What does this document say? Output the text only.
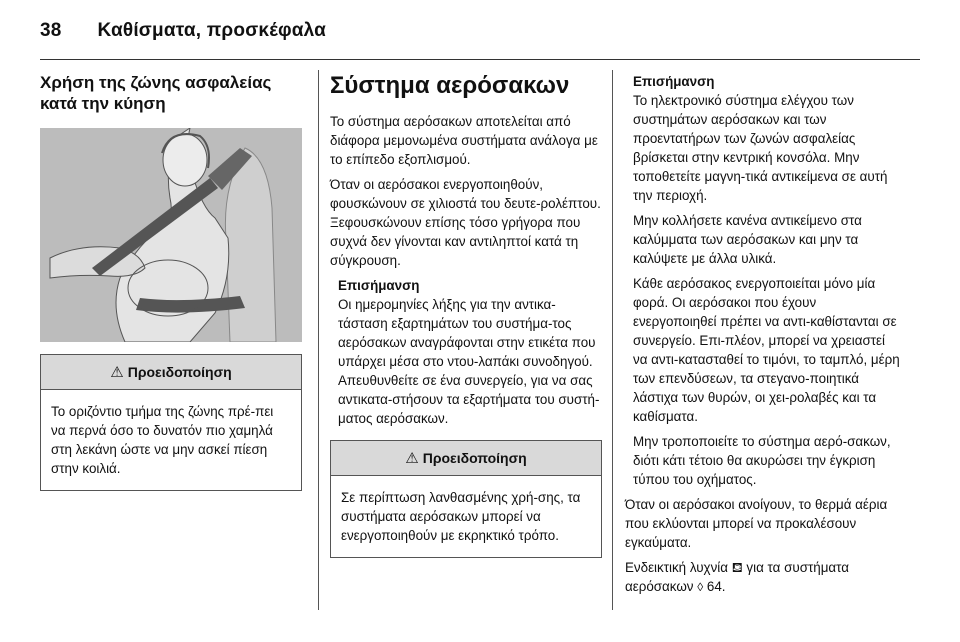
38 Καθίσματα, προσκέφαλα
Χρήση της ζώνης ασφαλείας κατά την κύηση
⚠ Προειδοποίηση
Το οριζόντιο τμήμα της ζώνης πρέ-πει να περνά όσο το δυνατόν πιο χαμηλά στη λεκάνη ώστε να μην ασκεί πίεση στην κοιλιά.
Σύστημα αερόσακων

Το σύστημα αερόσακων αποτελείται από διάφορα μεμονωμένα συστήματα ανάλογα με το επίπεδο εξοπλισμού.

Όταν οι αερόσακοι ενεργοποιηθούν, φουσκώνουν σε χιλιοστά του δευτε-ρολέπτου. Ξεφουσκώνουν επίσης τόσο γρήγορα που συχνά δεν γίνονται καν αντιληπτοί κατά τη σύγκρουση.

Επισήμανση
Οι ημερομηνίες λήξης για την αντικα-τάσταση εξαρτημάτων του συστήμα-τος αερόσακων αναγράφονται στην ετικέτα που υπάρχει μέσα στο ντου-λαπάκι συνοδηγού. Απευθυνθείτε σε ένα συνεργείο, για να σας αντικατα-στήσουν τα εξαρτήματα του συστή-ματος αερόσακων.
⚠ Προειδοποίηση
Σε περίπτωση λανθασμένης χρή-σης, τα συστήματα αερόσακων μπορεί να ενεργοποιηθούν με εκρηκτικό τρόπο.
Επισήμανση

Το ηλεκτρονικό σύστημα ελέγχου των συστημάτων αερόσακων και των προεντατήρων των ζωνών ασφαλείας βρίσκεται στην κεντρική κονσόλα. Μην τοποθετείτε μαγνη-τικά αντικείμενα σε αυτή την περιοχή.

Μην κολλήσετε κανένα αντικείμενο στα καλύμματα των αερόσακων και μην τα καλύψετε με άλλα υλικά.

Κάθε αερόσακος ενεργοποιείται μόνο μία φορά. Οι αερόσακοι που έχουν ενεργοποιηθεί πρέπει να αντι-καθίστανται σε συνεργείο. Επι-πλέον, μπορεί να χρειαστεί να αντι-κατασταθεί το τιμόνι, το ταμπλό, μέρη των επενδύσεων, τα στεγανο-ποιητικά λάστιχα των θυρών, οι χει-ρολαβές και τα καθίσματα.

Μην τροποποιείτε το σύστημα αερό-σακων, διότι κάτι τέτοιο θα ακυρώσει την έγκριση τύπου του οχήματος.

Όταν οι αερόσακοι ανοίγουν, το θερμά αέρια που εκλύονται μπορεί να προκαλέσουν εγκαύματα.

Ενδεικτική λυχνία ⛾ για τα συστήματα αερόσακων ◊ 64.
